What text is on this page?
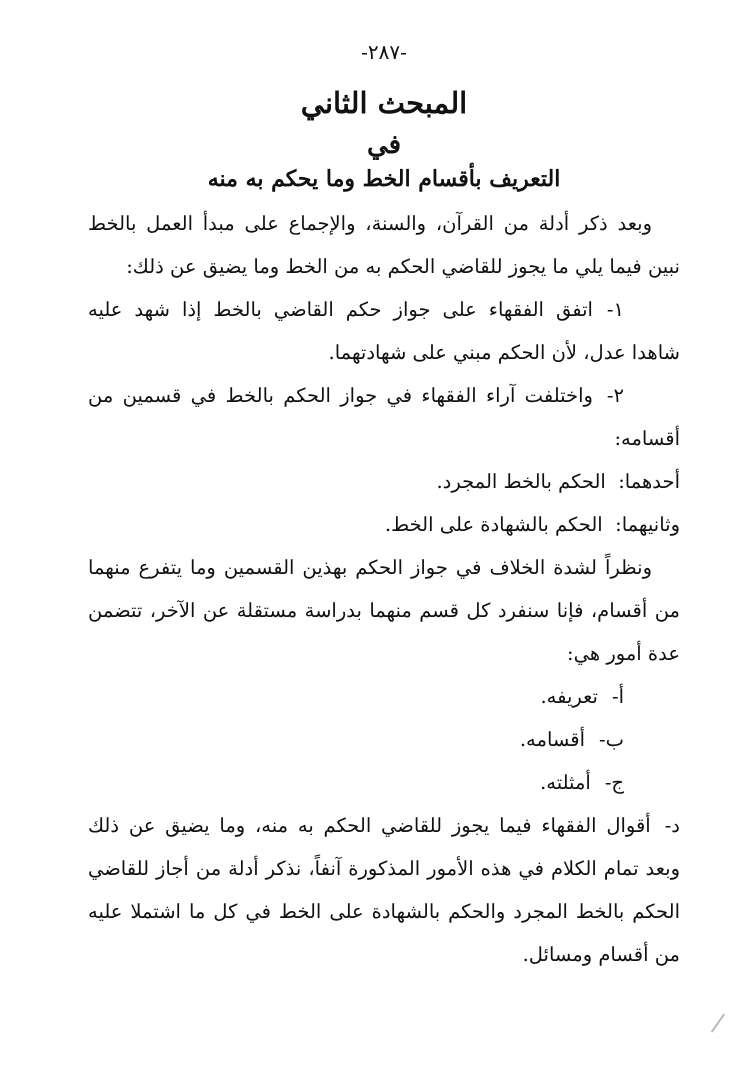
-٢٨٧-
المبحث الثاني
في
التعريف بأقسام الخط وما يحكم به منه

وبعد ذكر أدلة من القرآن، والسنة، والإجماع على مبدأ العمل بالخط نبين فيما يلي ما يجوز للقاضي الحكم به من الخط وما يضيق عن ذلك:

١-اتفق الفقهاء على جواز حكم القاضي بالخط إذا شهد عليه شاهدا عدل، لأن الحكم مبني على شهادتهما.

٢-واختلفت آراء الفقهاء في جواز الحكم بالخط في قسمين من أقسامه:

أحدهما:  الحكم بالخط المجرد.

وثانيهما:  الحكم بالشهادة على الخط.

ونظراً لشدة الخلاف في جواز الحكم بهذين القسمين وما يتفرع منهما من أقسام، فإنا سنفرد كل قسم منهما بدراسة مستقلة عن الآخر، تتضمن عدة أمور هي:

أ-تعريفه.

ب-أقسامه.

ج-أمثلته.

د-أقوال الفقهاء فيما يجوز للقاضي الحكم به منه، وما يضيق عن ذلك وبعد تمام الكلام في هذه الأمور المذكورة آنفاً، نذكر أدلة من أجاز للقاضي الحكم بالخط المجرد والحكم بالشهادة على الخط في كل ما اشتملا عليه من أقسام ومسائل.
